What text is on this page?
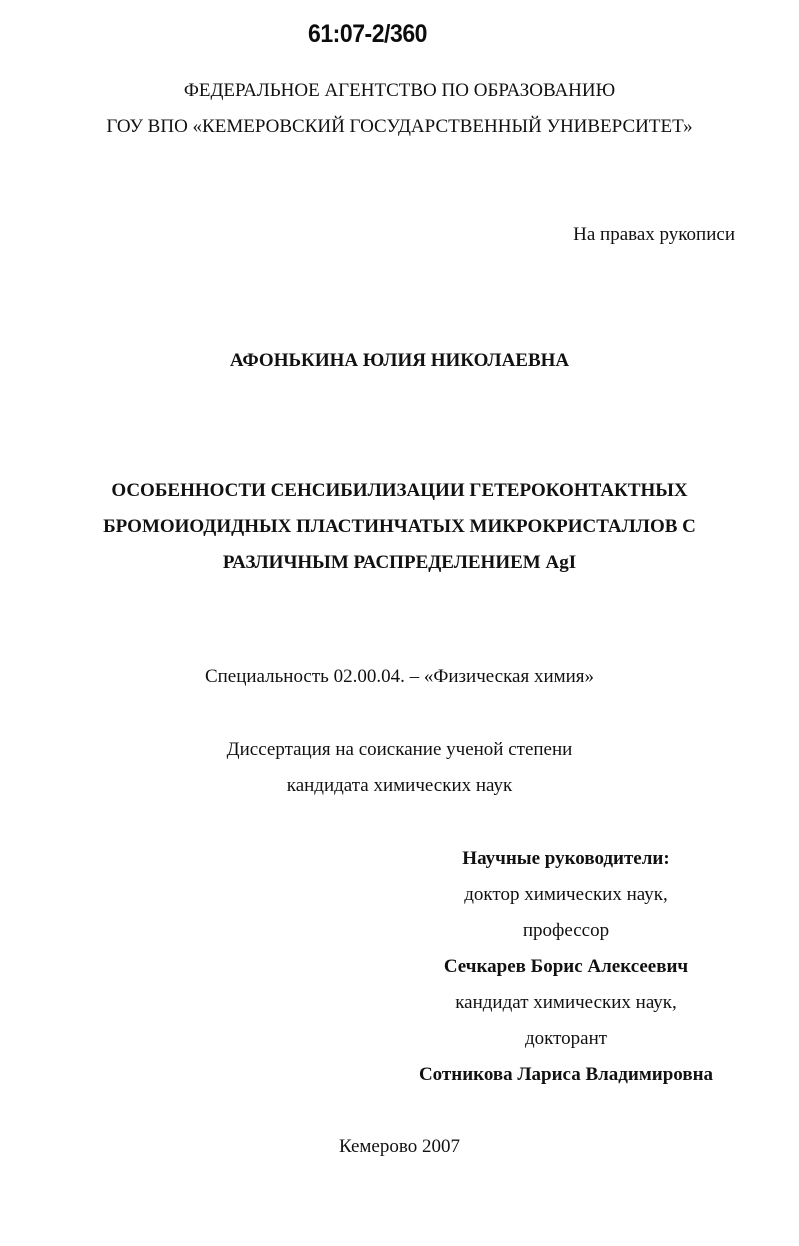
61:07-2/360
ФЕДЕРАЛЬНОЕ АГЕНТСТВО ПО ОБРАЗОВАНИЮ
ГОУ ВПО «КЕМЕРОВСКИЙ ГОСУДАРСТВЕННЫЙ УНИВЕРСИТЕТ»
На правах рукописи
АФОНЬКИНА ЮЛИЯ НИКОЛАЕВНА
ОСОБЕННОСТИ СЕНСИБИЛИЗАЦИИ ГЕТЕРОКОНТАКТНЫХ
БРОМОИОДИДНЫХ ПЛАСТИНЧАТЫХ МИКРОКРИСТАЛЛОВ С
РАЗЛИЧНЫМ РАСПРЕДЕЛЕНИЕМ AgI
Специальность 02.00.04. – «Физическая химия»
Диссертация на соискание ученой степени
кандидата химических наук
Научные руководители:
доктор химических наук,
профессор
Сечкарев Борис Алексеевич
кандидат химических наук,
докторант
Сотникова Лариса Владимировна
Кемерово 2007
